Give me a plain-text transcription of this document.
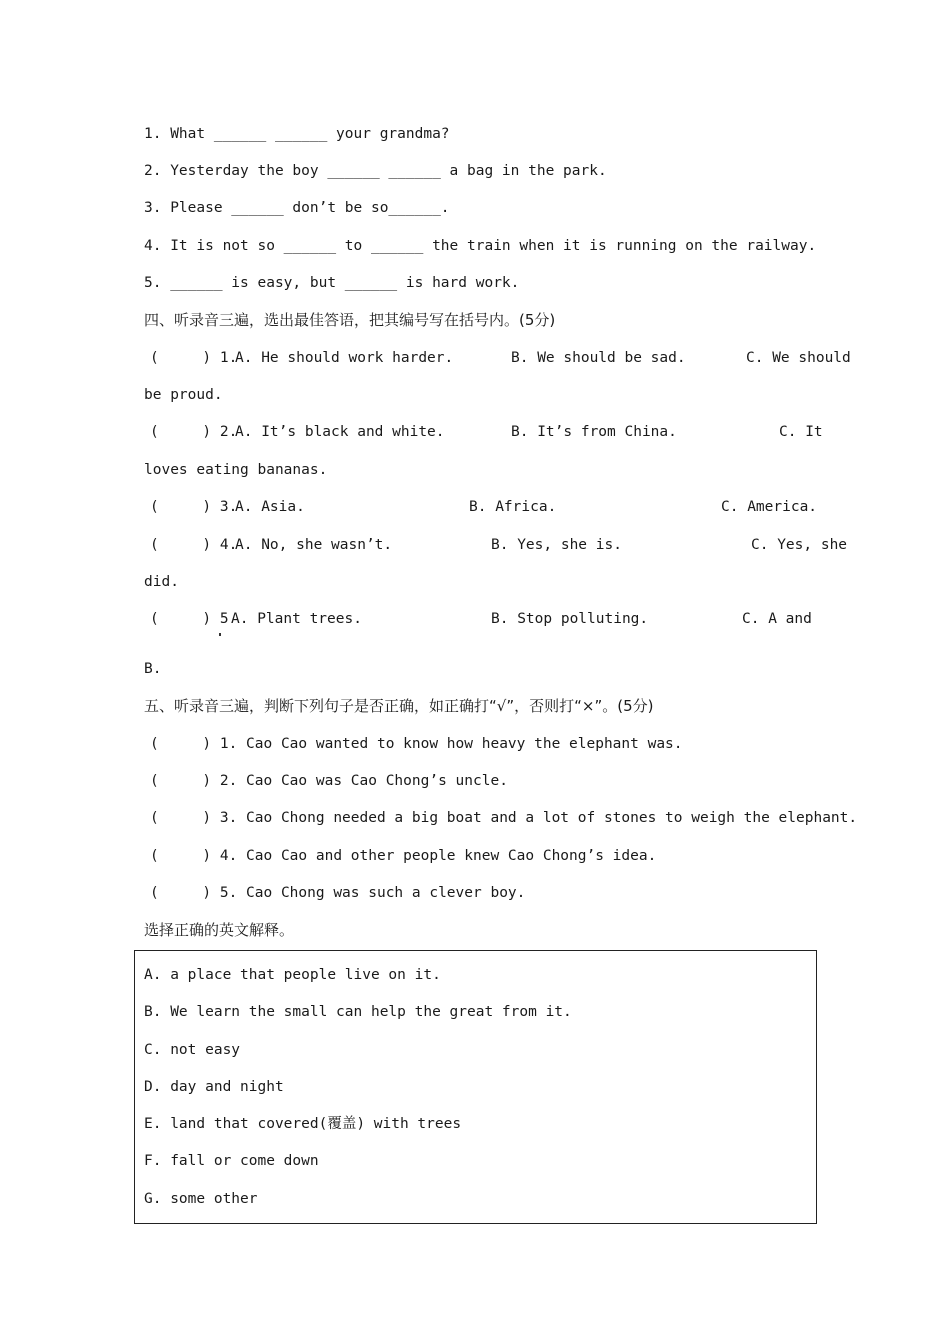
1. What ______ ______ your grandma?
2. Yesterday the boy ______ ______ a bag in the park.
3. Please ______ don’t be so______.
4. It is not so ______ to ______ the train when it is running on the railway.
5. ______ is easy, but ______ is hard work.
四、听录音三遍，选出最佳答语，把其编号写在括号内。(5分)
(     ) 1.
A. He should work harder.	B. We should be sad.	C. We should
be proud.
(     ) 2.
A. It’s black and white.	B. It’s from China.	C. It
loves eating bananas.
(     ) 3.
A. Asia.	B. Africa.	C. America.
(     ) 4.
A. No, she wasn’t.	B. Yes, she is.	C. Yes, she
did.
(     ) 5 A. Plant trees.	B. Stop polluting.	C. A and
B.
五、听录音三遍，判断下列句子是否正确，如正确打“√”，否则打“×”。(5分)
(     ) 1. Cao Cao wanted to know how heavy the elephant was.
(     ) 2. Cao Cao was Cao Chong’s uncle.
(     ) 3. Cao Chong needed a big boat and a lot of stones to weigh the elephant.
(     ) 4. Cao Cao and other people knew Cao Chong’s idea.
(     ) 5. Cao Chong was such a clever boy.
选择正确的英文解释。
A. a place that people live on it.
B. We learn the small can help the great from it.
C. not easy
D. day and night
E. land that covered(覆盖) with trees
F. fall or come down
G. some other
